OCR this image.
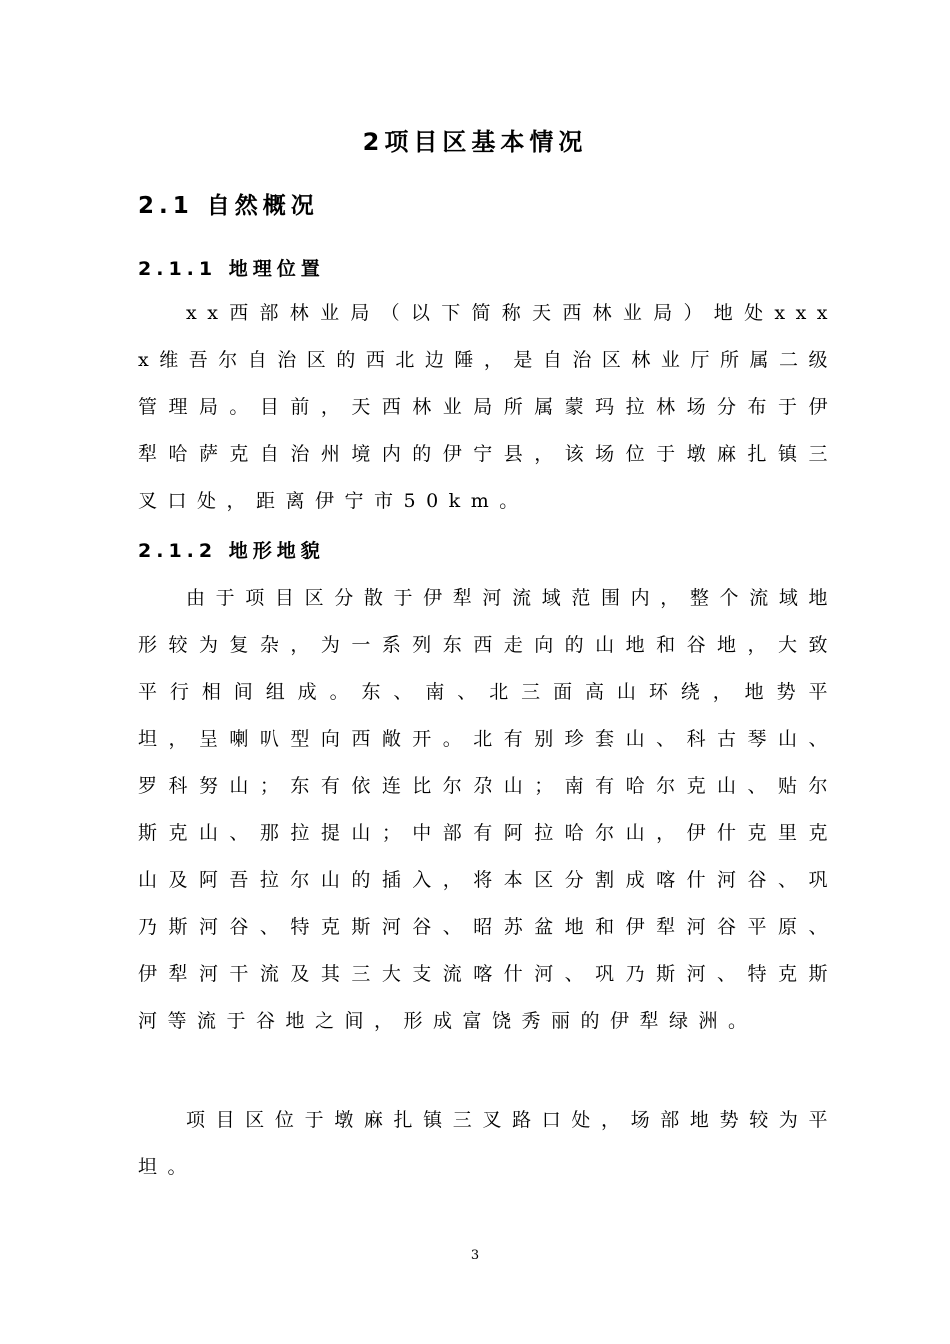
2项目区基本情况
2.1 自然概况
2.1.1 地理位置

xx西部林业局（以下简称天西林业局）地处xxxx维吾尔自治区的西北边陲，是自治区林业厅所属二级管理局。目前，天西林业局所属蒙玛拉林场分布于伊犁哈萨克自治州境内的伊宁县，该场位于墩麻扎镇三叉口处，距离伊宁市50km。

2.1.2 地形地貌

由于项目区分散于伊犁河流域范围内，整个流域地形较为复杂，为一系列东西走向的山地和谷地，大致平行相间组成。东、南、北三面高山环绕，地势平坦，呈喇叭型向西敞开。北有别珍套山、科古琴山、罗科努山；东有依连比尔尕山；南有哈尔克山、贴尔斯克山、那拉提山；中部有阿拉哈尔山，伊什克里克山及阿吾拉尔山的插入，将本区分割成喀什河谷、巩乃斯河谷、特克斯河谷、昭苏盆地和伊犁河谷平原、伊犁河干流及其三大支流喀什河、巩乃斯河、特克斯河等流于谷地之间，形成富饶秀丽的伊犁绿洲。

项目区位于墩麻扎镇三叉路口处，场部地势较为平坦。

3
